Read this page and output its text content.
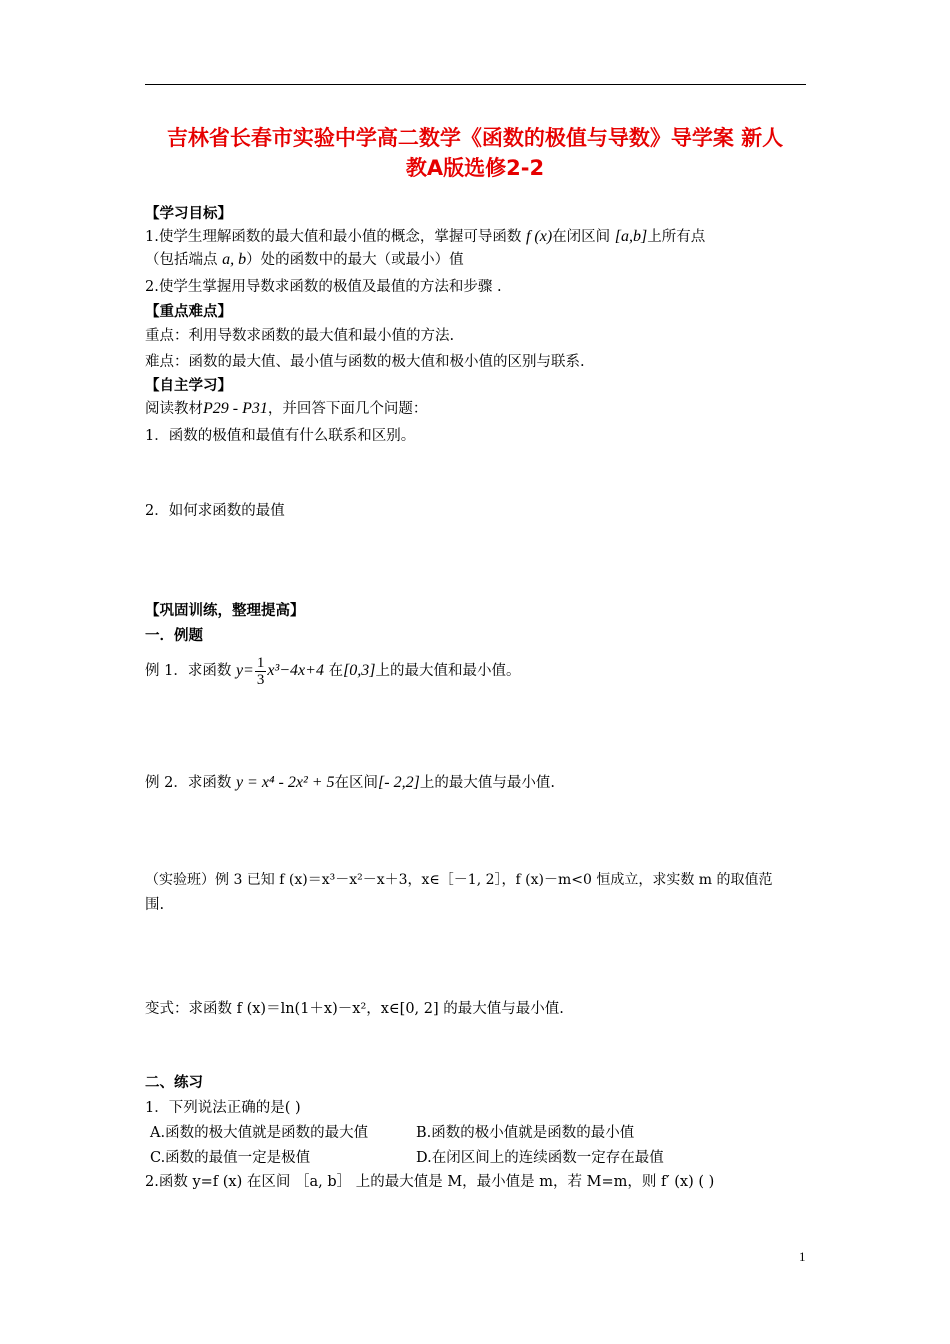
吉林省长春市实验中学高二数学《函数的极值与导数》导学案 新人
教A版选修2-2
【学习目标】
1.使学生理解函数的最大值和最小值的概念，掌握可导函数 f (x)在闭区间 [a,b]上所有点
（包括端点 a, b）处的函数中的最大（或最小）值
2.使学生掌握用导数求函数的极值及最值的方法和步骤 .
【重点难点】
重点：利用导数求函数的最大值和最小值的方法.
难点：函数的最大值、最小值与函数的极大值和极小值的区别与联系.
【自主学习】
阅读教材P29 - P31，并回答下面几个问题：
1．函数的极值和最值有什么联系和区别。
2．如何求函数的最值
【巩固训练，整理提高】
一．例题
例 1．求函数 $y= \frac{1}{3} x^3-4x+4$ 在[0,3]上的最大值和最小值。
例 2．求函数 y = x⁴ - 2x² + 5在区间[- 2,2]上的最大值与最小值.
（实验班）例 3 已知 f (x)＝x³－x²－x＋3，x∈［－1, 2］，f (x)－m<0 恒成立，求实数 m 的取值范
围.
变式：求函数 f (x)＝ln(1＋x)－x²，x∈[0, 2] 的最大值与最小值.
二、练习
1．下列说法正确的是( )
A.函数的极大值就是函数的最大值	B.函数的极小值就是函数的最小值
C.函数的最值一定是极值	D.在闭区间上的连续函数一定存在最值
2.函数 y=f (x) 在区间 ［a, b］ 上的最大值是 M，最小值是 m，若 M=m，则 f′ (x) ( )
1
